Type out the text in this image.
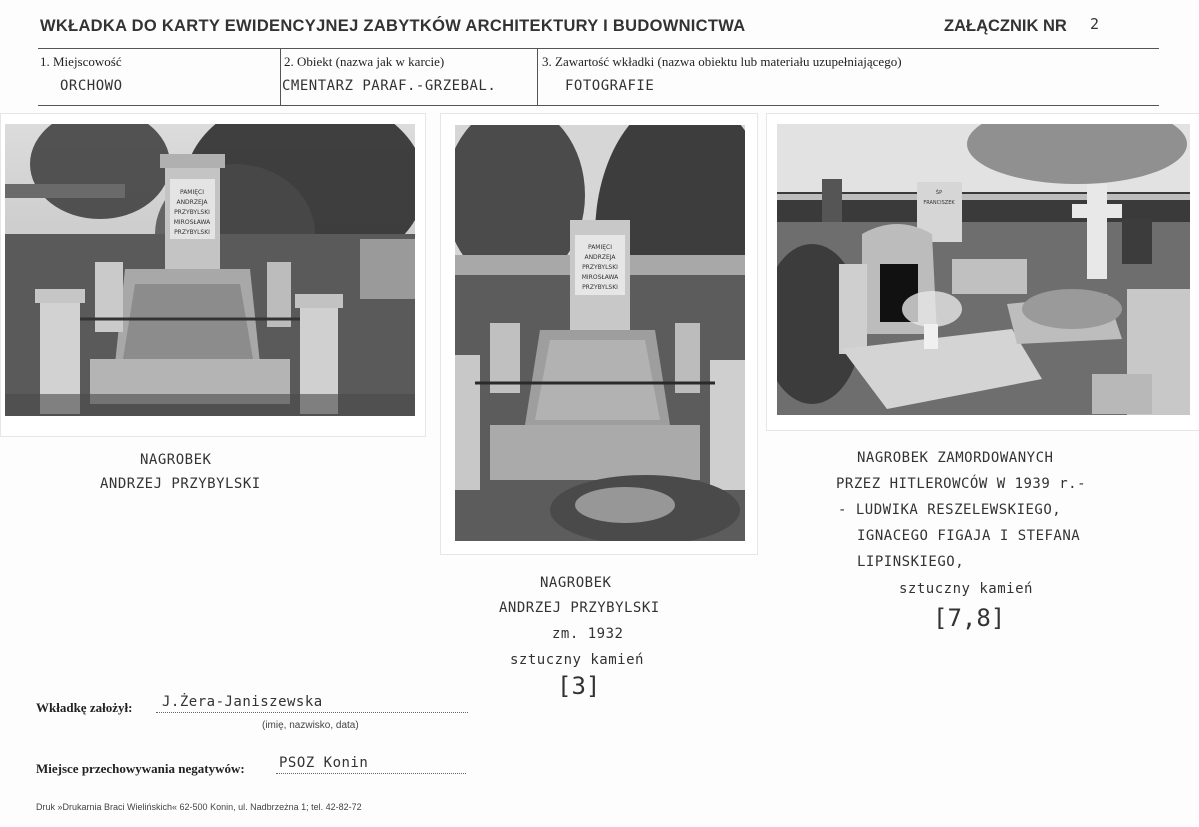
WKŁADKA DO KARTY EWIDENCYJNEJ ZABYTKÓW ARCHITEKTURY I BUDOWNICTWA	ZAŁĄCZNIK NR 2
1. Miejscowość
ORCHOWO
2. Obiekt (nazwa jak w karcie)
CMENTARZ PARAF.-GRZEBAL.
3. Zawartość wkładki (nazwa obiektu lub materiału uzupełniającego)
FOTOGRAFIE
PAMIĘCI
ANDRZEJA
PRZYBYLSKI
MIROSŁAWA
PRZYBYLSKI
NAGROBEK
ANDRZEJ PRZYBYLSKI
PAMIĘCI
ANDRZEJA
PRZYBYLSKI
MIROSŁAWA
PRZYBYLSKI
NAGROBEK
ANDRZEJ PRZYBYLSKI
zm. 1932
sztuczny kamień
[3]
ŚP
FRANCISZEK
NAGROBEK ZAMORDOWANYCH
PRZEZ HITLEROWCÓW W 1939 r.-
- LUDWIKA RESZELEWSKIEGO,
IGNACEGO FIGAJA I STEFANA
LIPINSKIEGO,
sztuczny kamień
[7,8]
Wkładkę założył: J.Żera-Janiszewska
(imię, nazwisko, data)
Miejsce przechowywania negatywów: PSOZ Konin
Druk »Drukarnia Braci Wielińskich« 62-500 Konin, ul. Nadbrzeżna 1; tel. 42-82-72
